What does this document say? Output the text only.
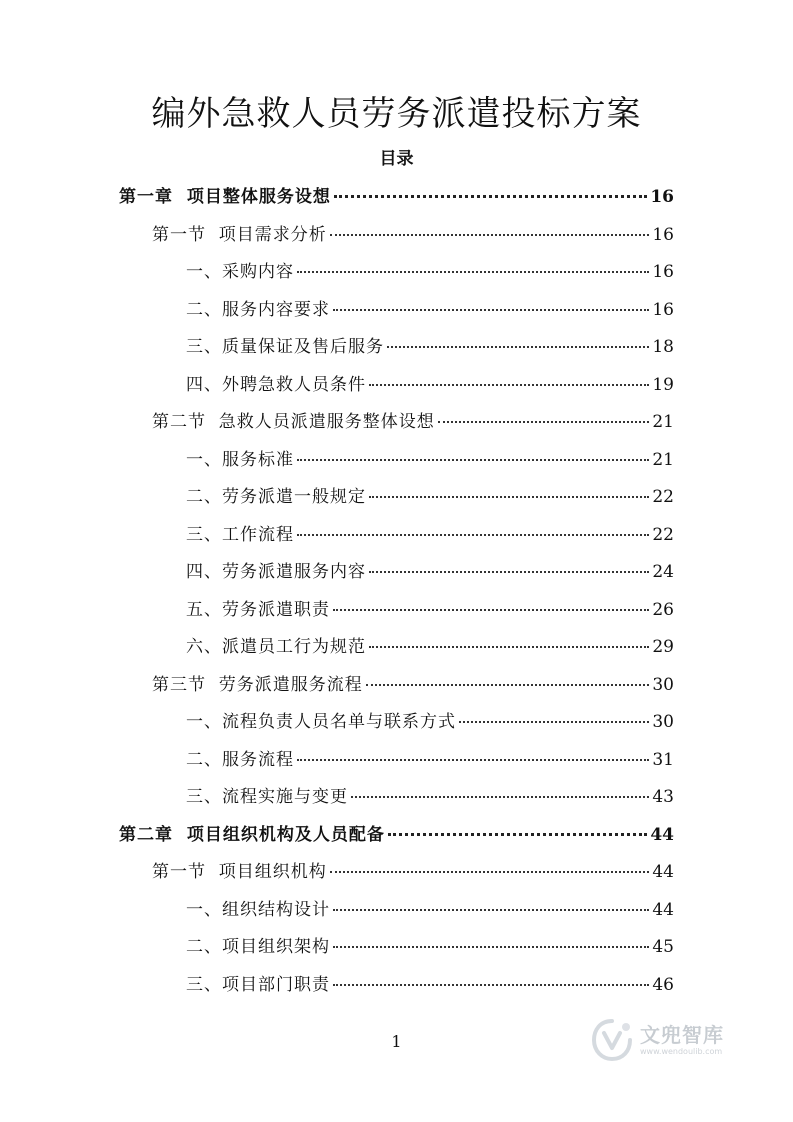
编外急救人员劳务派遣投标方案
目录
第一章  项目整体服务设想	16
第一节  项目需求分析	16
一、采购内容	16
二、服务内容要求	16
三、质量保证及售后服务	18
四、外聘急救人员条件	19
第二节  急救人员派遣服务整体设想	21
一、服务标准	21
二、劳务派遣一般规定	22
三、工作流程	22
四、劳务派遣服务内容	24
五、劳务派遣职责	26
六、派遣员工行为规范	29
第三节  劳务派遣服务流程	30
一、流程负责人员名单与联系方式	30
二、服务流程	31
三、流程实施与变更	43
第二章  项目组织机构及人员配备	44
第一节  项目组织机构	44
一、组织结构设计	44
二、项目组织架构	45
三、项目部门职责	46
1	文兜智库
www.wendoulib.com
